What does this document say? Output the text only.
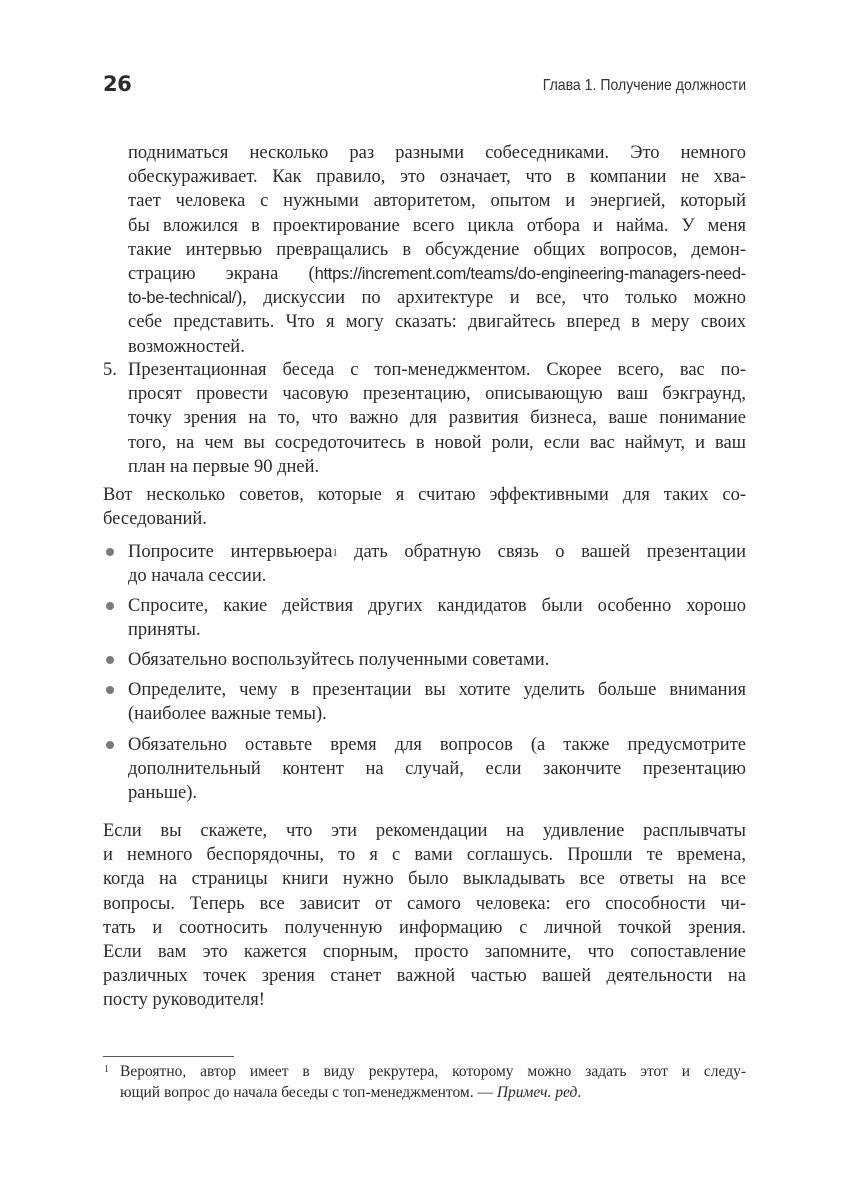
26	Глава 1. Получение должности
подниматься несколько раз разными собеседниками. Это немного
обескураживает. Как правило, это означает, что в компании не хва-
тает человека с нужными авторитетом, опытом и энергией, который
бы вложился в проектирование всего цикла отбора и найма. У меня
такие интервью превращались в обсуждение общих вопросов, демон-
страцию экрана (https://increment.com/teams/do-engineering-managers-need-
to-be-technical/), дискуссии по архитектуре и все, что только можно
себе представить. Что я могу сказать: двигайтесь вперед в меру своих
возможностей.
5. Презентационная беседа с топ-менеджментом. Скорее всего, вас по-
просят провести часовую презентацию, описывающую ваш бэкграунд,
точку зрения на то, что важно для развития бизнеса, ваше понимание
того, на чем вы сосредоточитесь в новой роли, если вас наймут, и ваш
план на первые 90 дней.
Вот несколько советов, которые я считаю эффективными для таких со-
беседований.
Попросите интервьюера$^1$ дать обратную связь о вашей презентации
до начала сессии.
Спросите, какие действия других кандидатов были особенно хорошо
приняты.
Обязательно воспользуйтесь полученными советами.
Определите, чему в презентации вы хотите уделить больше внимания
(наиболее важные темы).
Обязательно оставьте время для вопросов (а также предусмотрите
дополнительный контент на случай, если закончите презентацию
раньше).
Если вы скажете, что эти рекомендации на удивление расплывчаты
и немного беспорядочны, то я с вами соглашусь. Прошли те времена,
когда на страницы книги нужно было выкладывать все ответы на все
вопросы. Теперь все зависит от самого человека: его способности чи-
тать и соотносить полученную информацию с личной точкой зрения.
Если вам это кажется спорным, просто запомните, что сопоставление
различных точек зрения станет важной частью вашей деятельности на
посту руководителя!
1 Вероятно, автор имеет в виду рекрутера, которому можно задать этот и следу-
ющий вопрос до начала беседы с топ-менеджментом. — Примеч. ред.
